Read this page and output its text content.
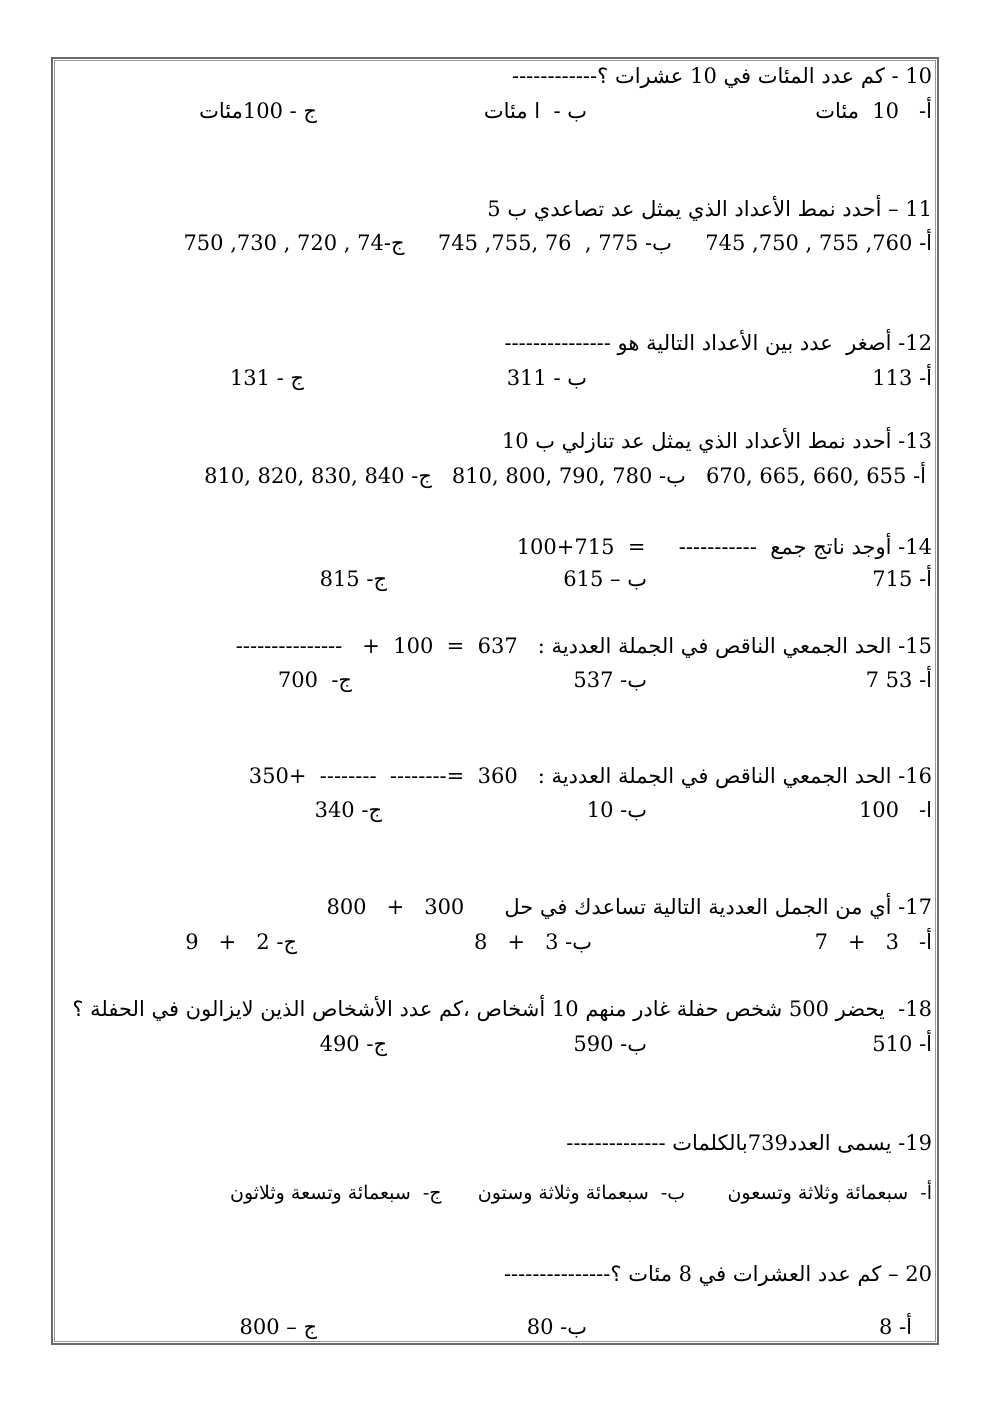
10 - كم عدد المئات في 10 عشرات ؟------------
أ-   10  مئات
ب -  ا مئات
ج - 100مئات
11 – أحدد نمط الأعداد الذي يمثل عد تصاعدي ب 5
أ- 760, 755 , 750, 745     ب- 775 ,  76 ,755, 745     ج-74 , 720 , 730, 750
12- أصغر  عدد بين الأعداد التالية هو ---------------
أ- 113
ب - 311
ج - 131
13- أحدد نمط الأعداد الذي يمثل عد تنازلي ب 10
أ- 655 ,660 ,665 ,670   ب- 780 ,790 ,800 ,810   ج- 840 ,830 ,820 ,810
14- أوجد ناتج جمع  -----------     =  715+100
أ- 715
ب – 615
ج- 815
15- الحد الجمعي الناقص في الجملة العددية :   637  =  100  +   ---------------
أ- 53 7
ب- 537
ج-  700
16- الحد الجمعي الناقص في الجملة العددية :   360  =--------  --------  +350
ا-   100
ب- 10
ج- 340
17- أي من الجمل العددية التالية تساعدك في حل      300   +   800
أ-   3   +   7
ب- 3   +   8
ج- 2   +   9
18-  يحضر 500 شخص حفلة غادر منهم 10 أشخاص ،كم عدد الأشخاص الذين لايزالون في الحفلة ؟
أ- 510
ب- 590
ج- 490
19- يسمى العدد739بالكلمات --------------
أ-  سبعمائة وثلاثة وتسعون       ب-  سبعمائة وثلاثة وستون      ج-  سبعمائة وتسعة وثلاثون
20 – كم عدد العشرات في 8 مئات ؟---------------
أ- 8
ب- 80
ج – 800
